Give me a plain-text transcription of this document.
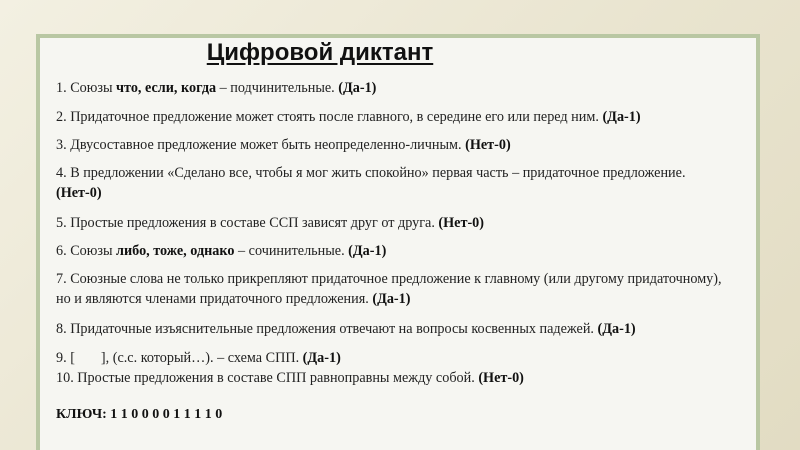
Цифровой диктант
1. Союзы что, если, когда – подчинительные. (Да-1)
2. Придаточное предложение может стоять после главного, в середине его или перед ним. (Да-1)
3. Двусоставное предложение может быть неопределенно-личным. (Нет-0)
4. В предложении «Сделано все, чтобы я мог жить спокойно» первая часть – придаточное предложение. (Нет-0)
5. Простые предложения в составе ССП зависят друг от друга. (Нет-0)
6. Союзы либо, тоже, однако – сочинительные. (Да-1)
7. Союзные слова не только прикрепляют придаточное предложение к главному (или другому придаточному), но и являются членами придаточного предложения. (Да-1)
8. Придаточные изъяснительные предложения отвечают на вопросы косвенных падежей. (Да-1)
9. [ ], (с.с. который…). – схема СПП. (Да-1)
10. Простые предложения в составе СПП равноправны между собой. (Нет-0)
КЛЮЧ: 1 1 0 0 0 0 1 1 1 1 0
